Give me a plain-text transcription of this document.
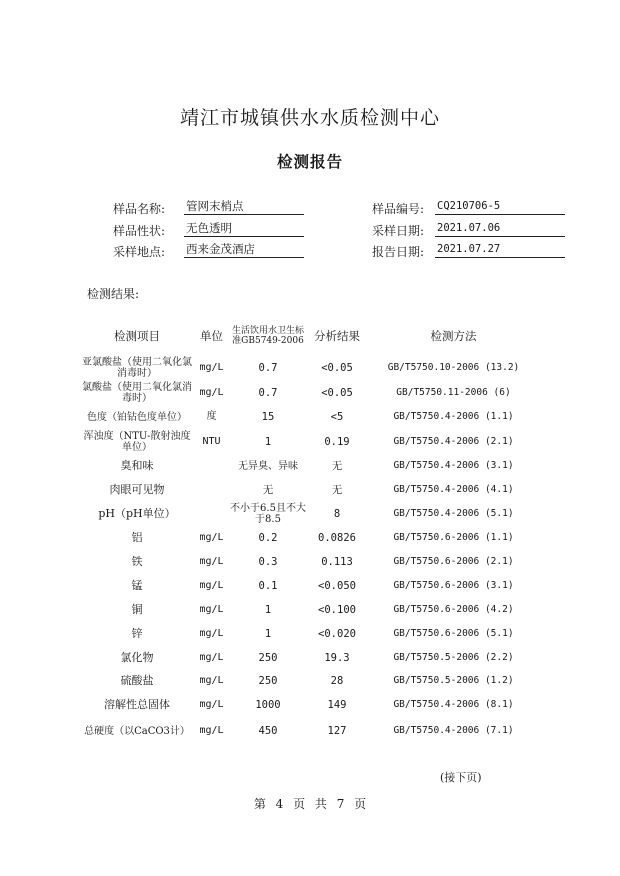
靖江市城镇供水水质检测中心
检测报告
样品名称: 管网末梢点	样品编号: CQ210706-5
样品性状: 无色透明	采样日期: 2021.07.06
采样地点: 西来金茂酒店	报告日期: 2021.07.27
检测结果:
检测项目	单位	生活饮用水卫生标准GB5749-2006	分析结果	检测方法
亚氯酸盐（使用二氧化氯消毒时）	mg/L	0.7	<0.05	GB/T5750.10-2006 (13.2)
氯酸盐（使用二氧化氯消毒时）	mg/L	0.7	<0.05	GB/T5750.11-2006 (6)
色度（铂钴色度单位）	度	15	<5	GB/T5750.4-2006 (1.1)
浑浊度（NTU-散射浊度单位）	NTU	1	0.19	GB/T5750.4-2006 (2.1)
臭和味		无异臭、异味	无	GB/T5750.4-2006 (3.1)
肉眼可见物		无	无	GB/T5750.4-2006 (4.1)
pH（pH单位）		不小于6.5且不大于8.5	8	GB/T5750.4-2006 (5.1)
铝	mg/L	0.2	0.0826	GB/T5750.6-2006 (1.1)
铁	mg/L	0.3	0.113	GB/T5750.6-2006 (2.1)
锰	mg/L	0.1	<0.050	GB/T5750.6-2006 (3.1)
铜	mg/L	1	<0.100	GB/T5750.6-2006 (4.2)
锌	mg/L	1	<0.020	GB/T5750.6-2006 (5.1)
氯化物	mg/L	250	19.3	GB/T5750.5-2006 (2.2)
硫酸盐	mg/L	250	28	GB/T5750.5-2006 (1.2)
溶解性总固体	mg/L	1000	149	GB/T5750.4-2006 (8.1)
总硬度（以CaCO3计）	mg/L	450	127	GB/T5750.4-2006 (7.1)
(接下页)
第 4 页 共 7 页
